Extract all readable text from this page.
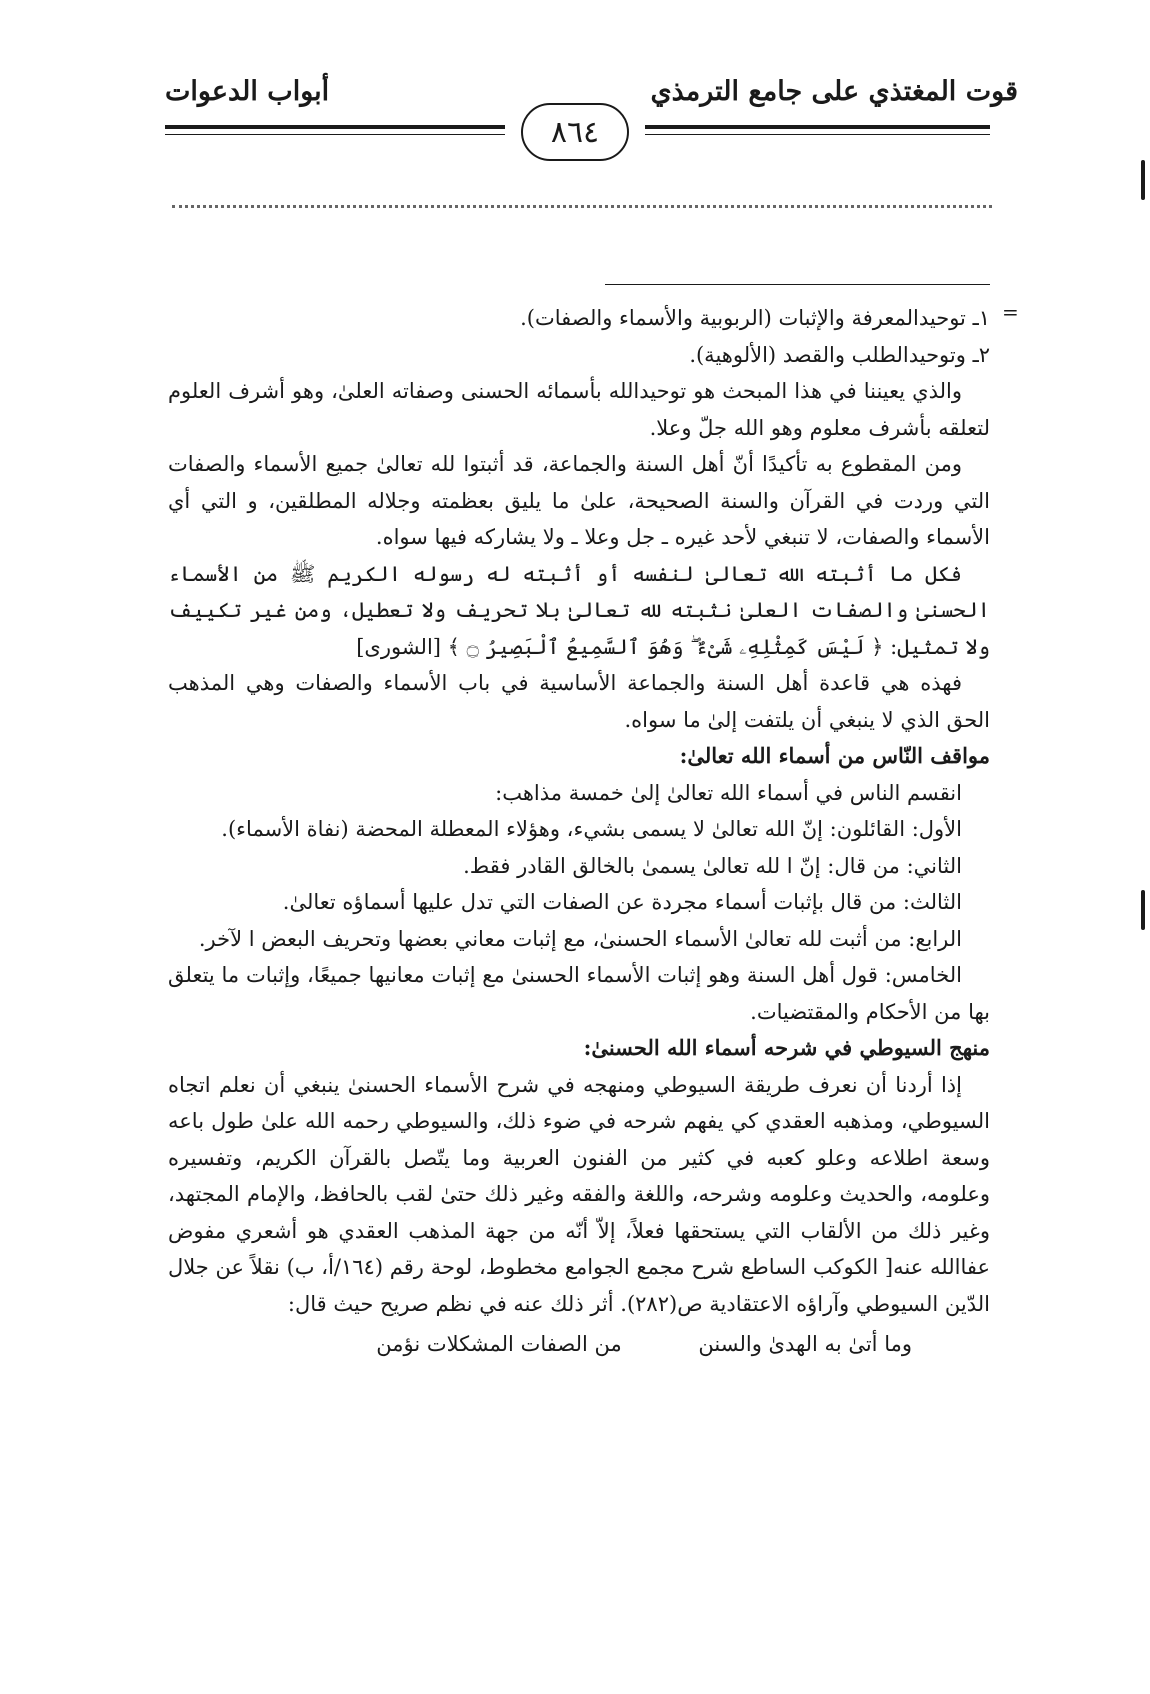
قوت المغتذي على جامع الترمذي
أبواب الدعوات
٨٦٤
=

١ـ توحيدالمعرفة والإثبات (الربوبية والأسماء والصفات).

٢ـ وتوحيدالطلب والقصد (الألوهية).

والذي يعيننا في هذا المبحث هو توحيدالله بأسمائه الحسنى وصفاته العلىٰ، وهو أشرف العلوم لتعلقه بأشرف معلوم وهو الله جلّ وعلا.

ومن المقطوع به تأكيدًا أنّ أهل السنة والجماعة، قد أثبتوا لله تعالىٰ جميع الأسماء والصفات التي وردت في القرآن والسنة الصحيحة، علىٰ ما يليق بعظمته وجلاله المطلقين، و التي أي الأسماء والصفات، لا تنبغي لأحد غيره ـ جل وعلا ـ ولا يشاركه فيها سواه.

فكل ما أثبته الله تعالىٰ لنفسه أو أثبته له رسوله الكريم ﷺ من الأسماء الحسنىٰ والصفات العلىٰ نثبته لله تعالىٰ بلا تحريف ولا تعطيل، ومن غير تكييف ولا تمثيل: ﴿ لَيْسَ كَمِثْلِهِۦ شَىْءٌ ۖ وَهُوَ ٱلسَّمِيعُ ٱلْبَصِيرُ ۝ ﴾ [الشورى]

فهذه هي قاعدة أهل السنة والجماعة الأساسية في باب الأسماء والصفات وهي المذهب الحق الذي لا ينبغي أن يلتفت إلىٰ ما سواه.

مواقف النّاس من أسماء الله تعالىٰ:

انقسم الناس في أسماء الله تعالىٰ إلىٰ خمسة مذاهب:

الأول: القائلون: إنّ الله تعالىٰ لا يسمى بشيء، وهؤلاء المعطلة المحضة (نفاة الأسماء).

الثاني: من قال: إنّ ا لله تعالىٰ يسمىٰ بالخالق القادر فقط.

الثالث: من قال بإثبات أسماء مجردة عن الصفات التي تدل عليها أسماؤه تعالىٰ.

الرابع: من أثبت لله تعالىٰ الأسماء الحسنىٰ، مع إثبات معاني بعضها وتحريف البعض ا لآخر.

الخامس: قول أهل السنة وهو إثبات الأسماء الحسنىٰ مع إثبات معانيها جميعًا، وإثبات ما يتعلق بها من الأحكام والمقتضيات.

منهج السيوطي في شرحه أسماء الله الحسنىٰ:

إذا أردنا أن نعرف طريقة السيوطي ومنهجه في شرح الأسماء الحسنىٰ ينبغي أن نعلم اتجاه السيوطي، ومذهبه العقدي كي يفهم شرحه في ضوء ذلك، والسيوطي رحمه الله علىٰ طول باعه وسعة اطلاعه وعلو كعبه في كثير من الفنون العربية وما يتّصل بالقرآن الكريم، وتفسيره وعلومه، والحديث وعلومه وشرحه، واللغة والفقه وغير ذلك حتىٰ لقب بالحافظ، والإمام المجتهد، وغير ذلك من الألقاب التي يستحقها فعلاً، إلاّ أنّه من جهة المذهب العقدي هو أشعري مفوض عفاالله عنه[ الكوكب الساطع شرح مجمع الجوامع مخطوط، لوحة رقم (١٦٤/أ، ب) نقلاً عن جلال الدّين السيوطي وآراؤه الاعتقادية ص(٢٨٢). أثر ذلك عنه في نظم صريح حيث قال:

وما أتىٰ به الهدىٰ والسنن من الصفات المشكلات نؤمن
